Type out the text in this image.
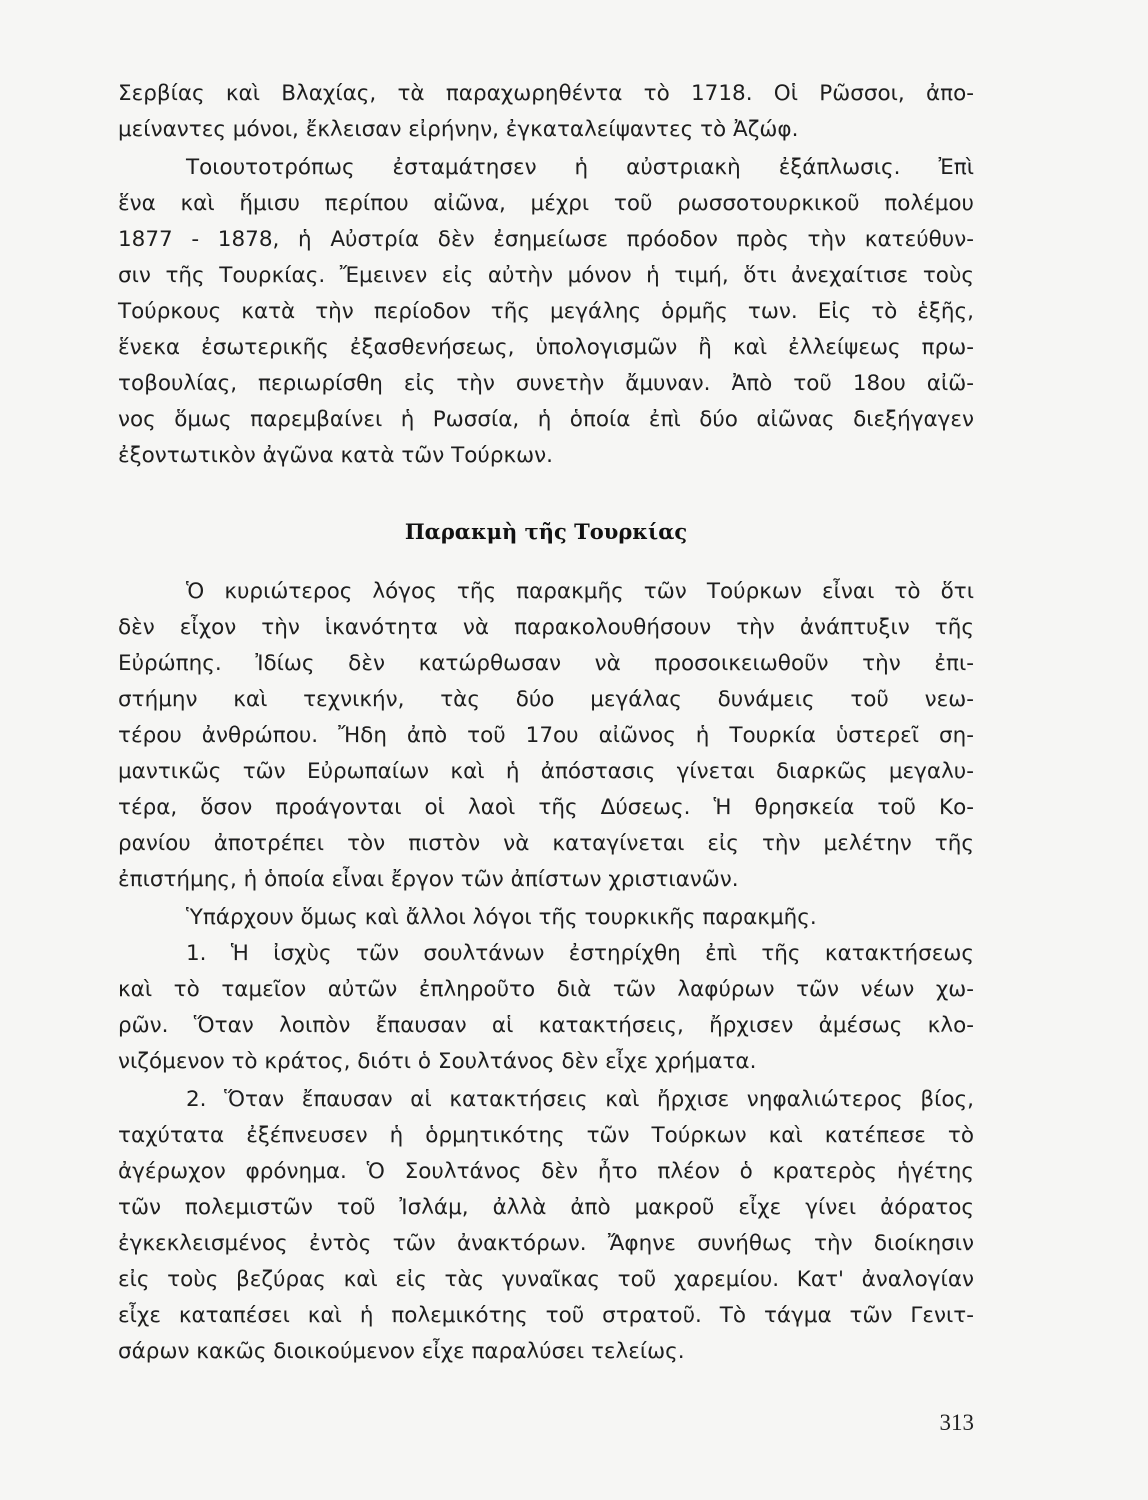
Σερβίας καὶ Βλαχίας, τὰ παραχωρηθέντα τὸ 1718. Οἱ Ρῶσσοι, ἀπο-
μείναντες μόνοι, ἔκλεισαν εἰρήνην, ἐγκαταλείψαντες τὸ Ἀζώφ.
Τοιουτοτρόπως ἐσταμάτησεν ἡ αὐστριακὴ ἐξάπλωσις. Ἐπὶ
ἕνα καὶ ἥμισυ περίπου αἰῶνα, μέχρι τοῦ ρωσσοτουρκικοῦ πολέμου
1877 - 1878, ἡ Αὐστρία δὲν ἐσημείωσε πρόοδον πρὸς τὴν κατεύθυν-
σιν τῆς Τουρκίας. Ἔμεινεν εἰς αὐτὴν μόνον ἡ τιμή, ὅτι ἀνεχαίτισε τοὺς
Τούρκους κατὰ τὴν περίοδον τῆς μεγάλης ὁρμῆς των. Εἰς τὸ ἑξῆς,
ἕνεκα ἐσωτερικῆς ἐξασθενήσεως, ὑπολογισμῶν ἢ καὶ ἐλλείψεως πρω-
τοβουλίας, περιωρίσθη εἰς τὴν συνετὴν ἄμυναν. Ἀπὸ τοῦ 18ου αἰῶ-
νος ὅμως παρεμβαίνει ἡ Ρωσσία, ἡ ὁποία ἐπὶ δύο αἰῶνας διεξήγαγεν
ἐξοντωτικὸν ἀγῶνα κατὰ τῶν Τούρκων.
Παρακμὴ τῆς Τουρκίας
Ὁ κυριώτερος λόγος τῆς παρακμῆς τῶν Τούρκων εἶναι τὸ ὅτι
δὲν εἶχον τὴν ἱκανότητα νὰ παρακολουθήσουν τὴν ἀνάπτυξιν τῆς
Εὐρώπης. Ἰδίως δὲν κατώρθωσαν νὰ προσοικειωθοῦν τὴν ἐπι-
στήμην καὶ τεχνικήν, τὰς δύο μεγάλας δυνάμεις τοῦ νεω-
τέρου ἀνθρώπου. Ἤδη ἀπὸ τοῦ 17ου αἰῶνος ἡ Τουρκία ὑστερεῖ ση-
μαντικῶς τῶν Εὐρωπαίων καὶ ἡ ἀπόστασις γίνεται διαρκῶς μεγαλυ-
τέρα, ὅσον προάγονται οἱ λαοὶ τῆς Δύσεως. Ἡ θρησκεία τοῦ Κο-
ρανίου ἀποτρέπει τὸν πιστὸν νὰ καταγίνεται εἰς τὴν μελέτην τῆς
ἐπιστήμης, ἡ ὁποία εἶναι ἔργον τῶν ἀπίστων χριστιανῶν.
Ὑπάρχουν ὅμως καὶ ἄλλοι λόγοι τῆς τουρκικῆς παρακμῆς.
1. Ἡ ἰσχὺς τῶν σουλτάνων ἐστηρίχθη ἐπὶ τῆς κατακτήσεως
καὶ τὸ ταμεῖον αὐτῶν ἐπληροῦτο διὰ τῶν λαφύρων τῶν νέων χω-
ρῶν. Ὅταν λοιπὸν ἔπαυσαν αἱ κατακτήσεις, ἤρχισεν ἀμέσως κλο-
νιζόμενον τὸ κράτος, διότι ὁ Σουλτάνος δὲν εἶχε χρήματα.
2. Ὅταν ἔπαυσαν αἱ κατακτήσεις καὶ ἤρχισε νηφαλιώτερος βίος,
ταχύτατα ἐξέπνευσεν ἡ ὁρμητικότης τῶν Τούρκων καὶ κατέπεσε τὸ
ἀγέρωχον φρόνημα. Ὁ Σουλτάνος δὲν ἦτο πλέον ὁ κρατερὸς ἡγέτης
τῶν πολεμιστῶν τοῦ Ἰσλάμ, ἀλλὰ ἀπὸ μακροῦ εἶχε γίνει ἀόρατος
ἐγκεκλεισμένος ἐντὸς τῶν ἀνακτόρων. Ἄφηνε συνήθως τὴν διοίκησιν
εἰς τοὺς βεζύρας καὶ εἰς τὰς γυναῖκας τοῦ χαρεμίου. Κατ' ἀναλογίαν
εἶχε καταπέσει καὶ ἡ πολεμικότης τοῦ στρατοῦ. Τὸ τάγμα τῶν Γενιτ-
σάρων κακῶς διοικούμενον εἶχε παραλύσει τελείως.
313
